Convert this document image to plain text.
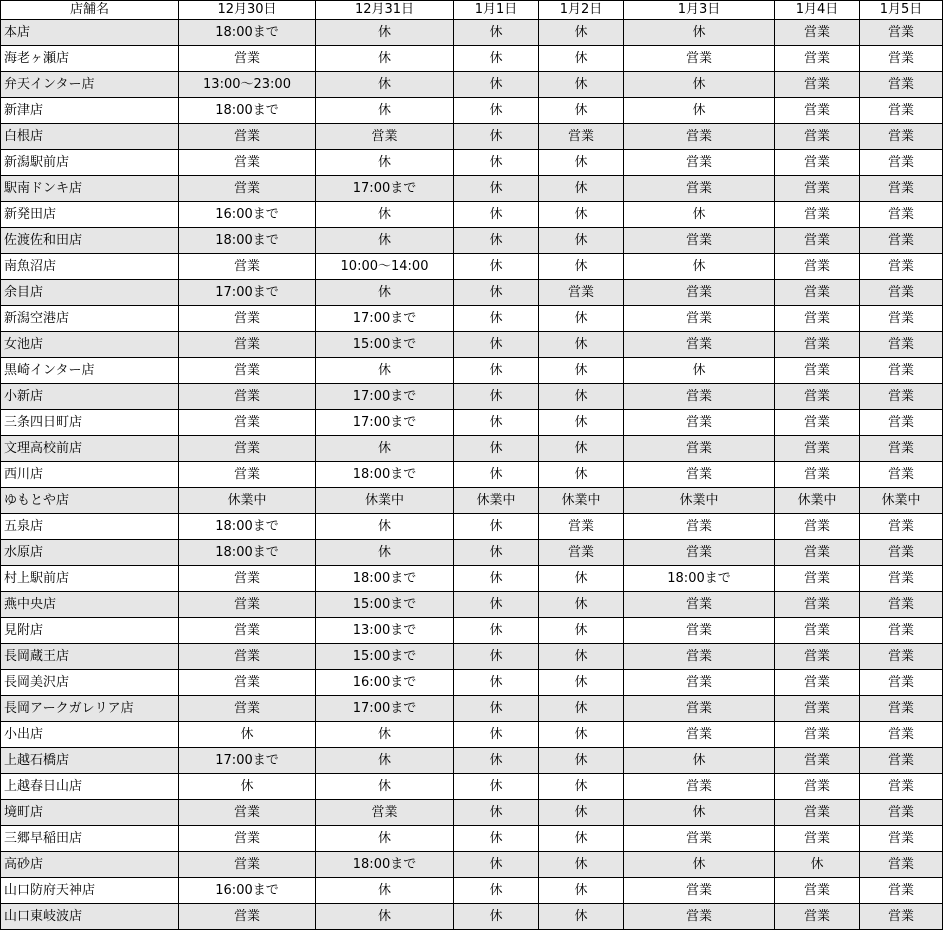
店舗名	12月30日	12月31日	1月1日	1月2日	1月3日	1月4日	1月5日
本店	18:00まで	休	休	休	休	営業	営業
海老ヶ瀬店	営業	休	休	休	営業	営業	営業
弁天インター店	13:00～23:00	休	休	休	休	営業	営業
新津店	18:00まで	休	休	休	休	営業	営業
白根店	営業	営業	休	営業	営業	営業	営業
新潟駅前店	営業	休	休	休	営業	営業	営業
駅南ドンキ店	営業	17:00まで	休	休	営業	営業	営業
新発田店	16:00まで	休	休	休	休	営業	営業
佐渡佐和田店	18:00まで	休	休	休	営業	営業	営業
南魚沼店	営業	10:00～14:00	休	休	休	営業	営業
余目店	17:00まで	休	休	営業	営業	営業	営業
新潟空港店	営業	17:00まで	休	休	営業	営業	営業
女池店	営業	15:00まで	休	休	営業	営業	営業
黒崎インター店	営業	休	休	休	休	営業	営業
小新店	営業	17:00まで	休	休	営業	営業	営業
三条四日町店	営業	17:00まで	休	休	営業	営業	営業
文理高校前店	営業	休	休	休	営業	営業	営業
西川店	営業	18:00まで	休	休	営業	営業	営業
ゆもとや店	休業中	休業中	休業中	休業中	休業中	休業中	休業中
五泉店	18:00まで	休	休	営業	営業	営業	営業
水原店	18:00まで	休	休	営業	営業	営業	営業
村上駅前店	営業	18:00まで	休	休	18:00まで	営業	営業
燕中央店	営業	15:00まで	休	休	営業	営業	営業
見附店	営業	13:00まで	休	休	営業	営業	営業
長岡蔵王店	営業	15:00まで	休	休	営業	営業	営業
長岡美沢店	営業	16:00まで	休	休	営業	営業	営業
長岡アークガレリア店	営業	17:00まで	休	休	営業	営業	営業
小出店	休	休	休	休	営業	営業	営業
上越石橋店	17:00まで	休	休	休	休	営業	営業
上越春日山店	休	休	休	休	営業	営業	営業
境町店	営業	営業	休	休	休	営業	営業
三郷早稲田店	営業	休	休	休	営業	営業	営業
高砂店	営業	18:00まで	休	休	休	休	営業
山口防府天神店	16:00まで	休	休	休	営業	営業	営業
山口東岐波店	営業	休	休	休	営業	営業	営業
